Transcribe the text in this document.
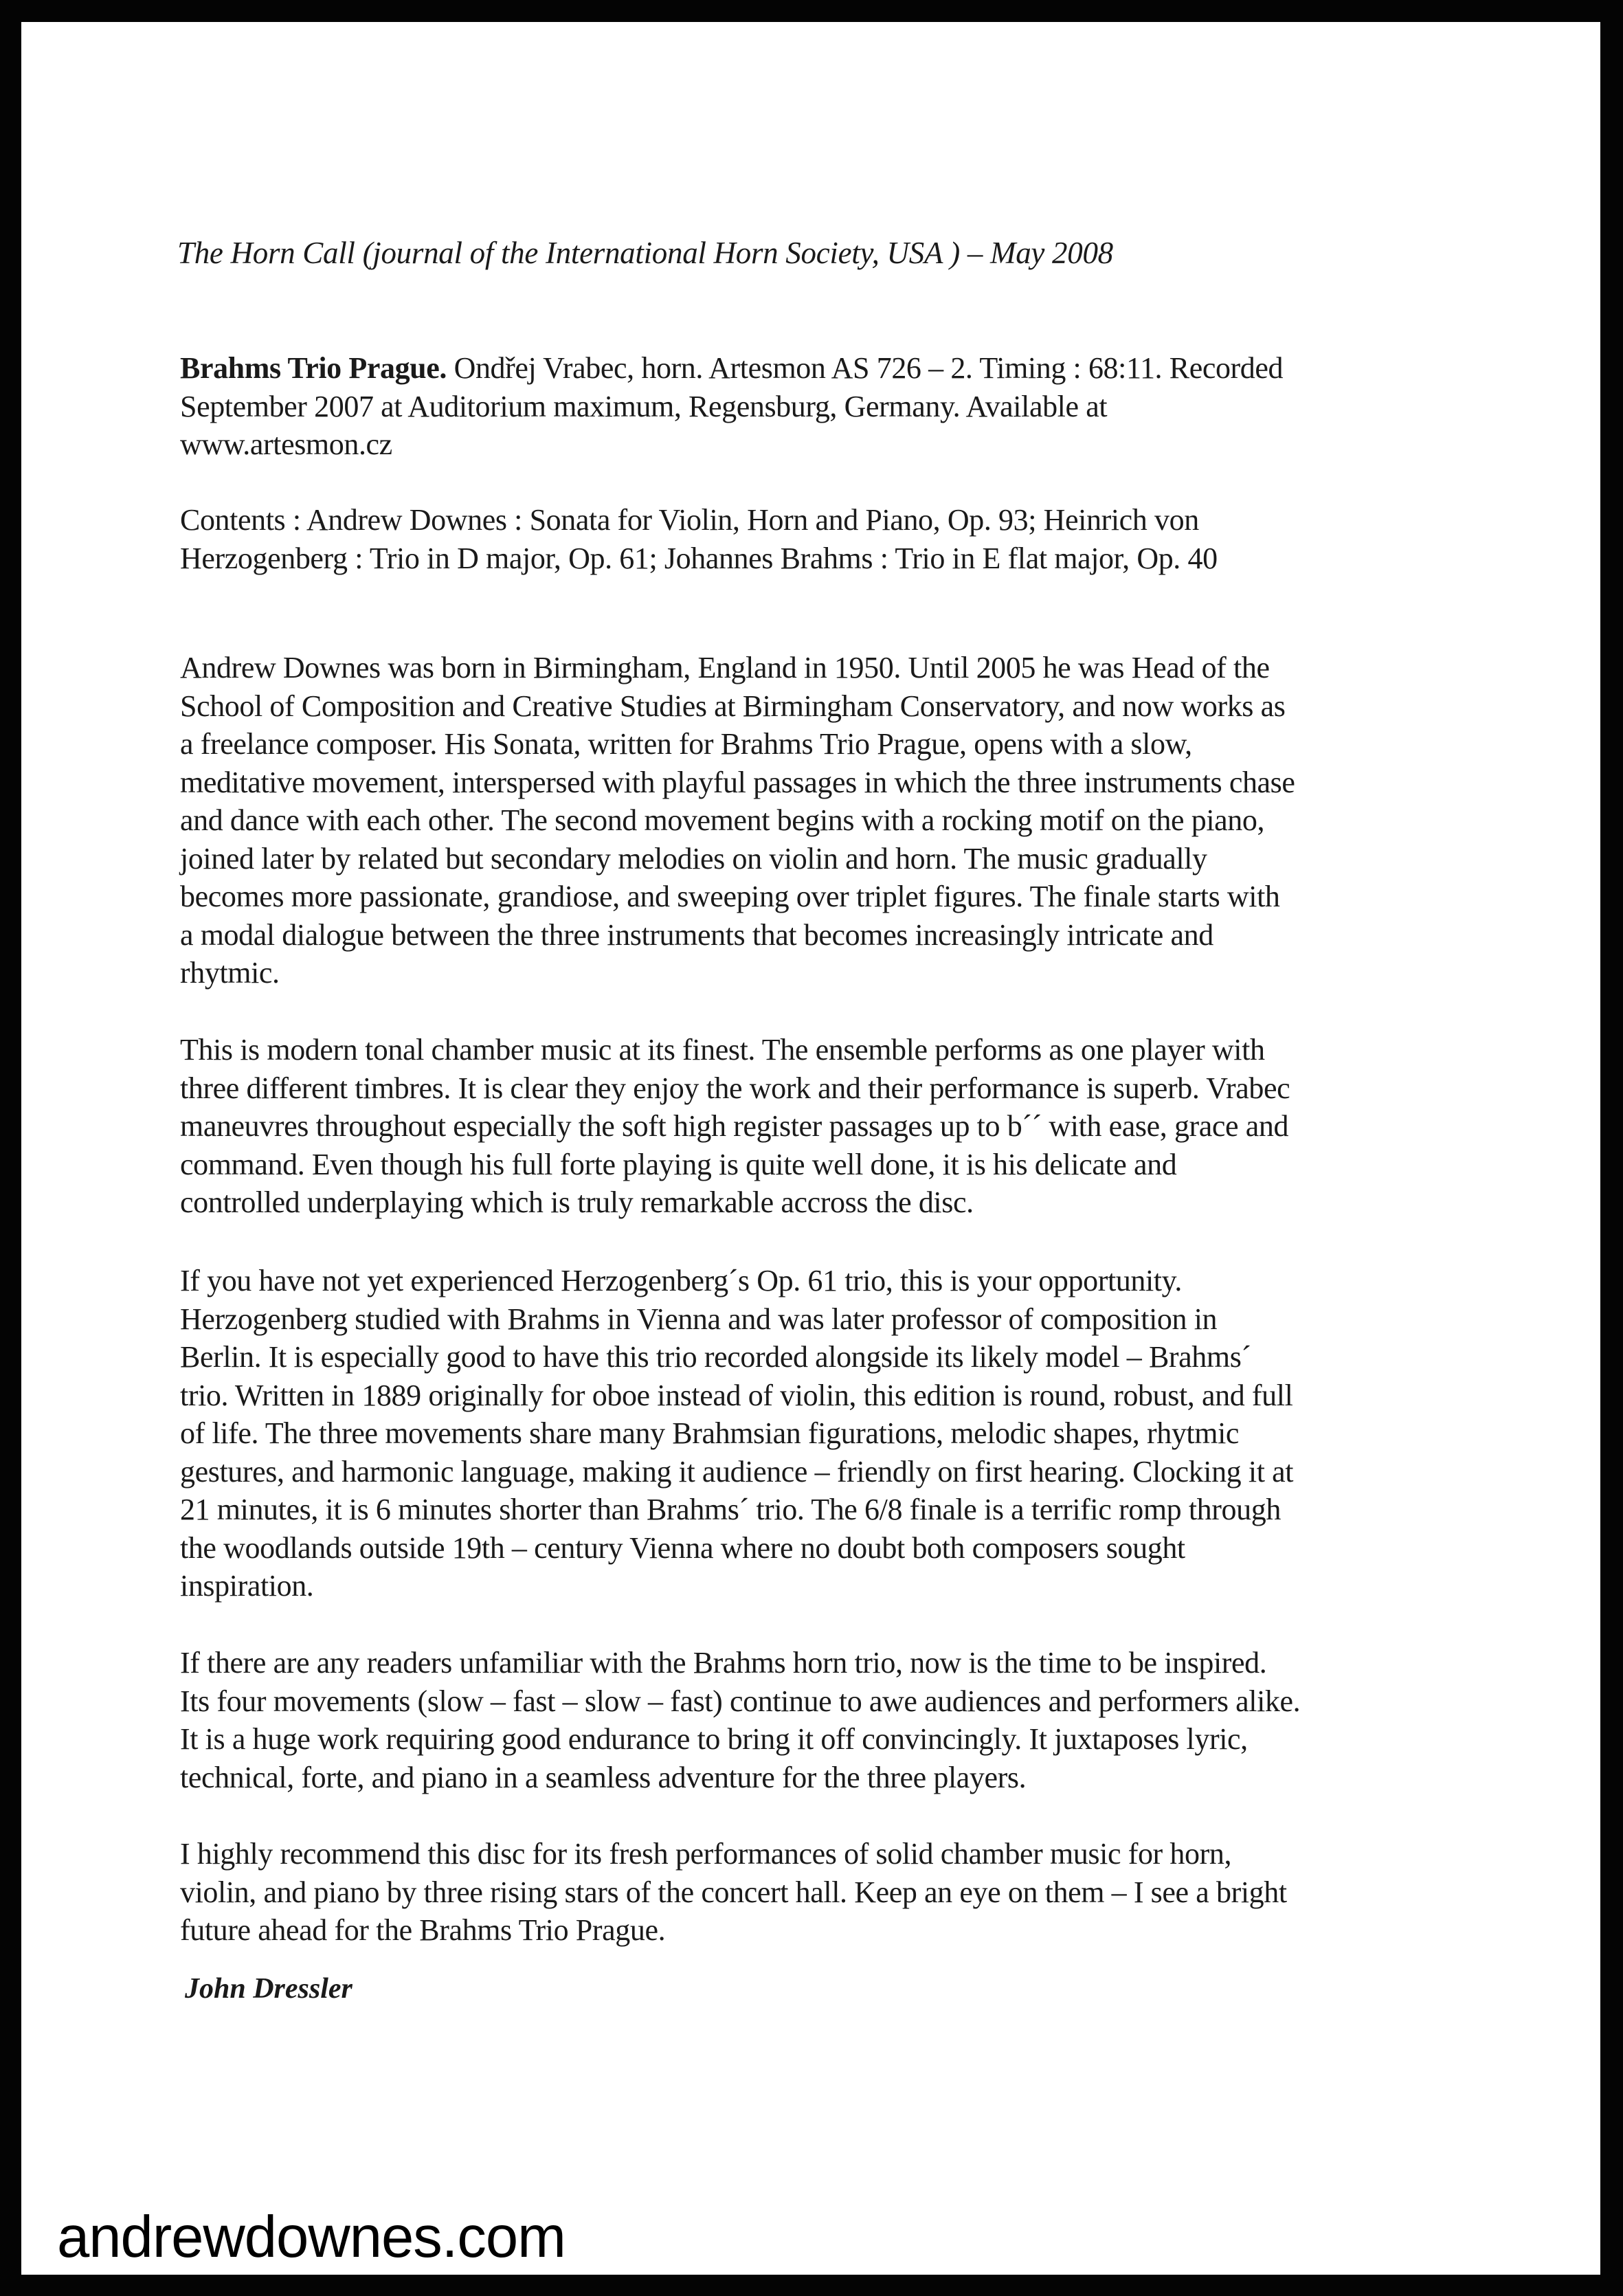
The Horn Call (journal of the International Horn Society, USA ) – May 2008
Brahms Trio Prague. Ondřej Vrabec, horn. Artesmon AS 726 – 2. Timing : 68:11. Recorded
September 2007 at Auditorium maximum, Regensburg, Germany. Available at
www.artesmon.cz
Contents : Andrew Downes : Sonata for Violin, Horn and Piano, Op. 93; Heinrich von
Herzogenberg : Trio in D major, Op. 61; Johannes Brahms : Trio in E flat major, Op. 40
Andrew Downes was born in Birmingham, England in 1950. Until 2005 he was Head of the
School of Composition and Creative Studies at Birmingham Conservatory, and now works as
a freelance composer. His Sonata, written for Brahms Trio Prague, opens with a slow,
meditative movement, interspersed with playful passages in which the three instruments chase
and dance with each other. The second movement begins with a rocking motif on the piano,
joined later by related but secondary melodies on violin and horn. The music gradually
becomes more passionate, grandiose, and sweeping over triplet figures. The finale starts with
a modal dialogue between the three instruments that becomes increasingly intricate and
rhytmic.
This is modern tonal chamber music at its finest. The ensemble performs as one player with
three different timbres. It is clear they enjoy the work and their performance is superb. Vrabec
maneuvres throughout especially the soft high register passages up to b´´ with ease, grace and
command. Even though his full forte playing is quite well done, it is his delicate and
controlled underplaying which is truly remarkable accross the disc.
If you have not yet experienced Herzogenberg´s Op. 61 trio, this is your opportunity.
Herzogenberg studied with Brahms in Vienna and was later professor of composition in
Berlin. It is especially good to have this trio recorded alongside its likely model – Brahms´
trio. Written in 1889 originally for oboe instead of violin, this edition is round, robust, and full
of life. The three movements share many Brahmsian figurations, melodic shapes, rhytmic
gestures, and harmonic language, making it audience – friendly on first hearing. Clocking it at
21 minutes, it is 6 minutes shorter than Brahms´ trio. The 6/8 finale is a terrific romp through
the woodlands outside 19th – century Vienna where no doubt both composers sought
inspiration.
If there are any readers unfamiliar with the Brahms horn trio, now is the time to be inspired.
Its four movements (slow – fast – slow – fast) continue to awe audiences and performers alike.
It is a huge work requiring good endurance to bring it off convincingly. It juxtaposes lyric,
technical, forte, and piano in a seamless adventure for the three players.
I highly recommend this disc for its fresh performances of solid chamber music for horn,
violin, and piano by three rising stars of the concert hall. Keep an eye on them – I see a bright
future ahead for the Brahms Trio Prague.
John Dressler
andrewdownes.com
